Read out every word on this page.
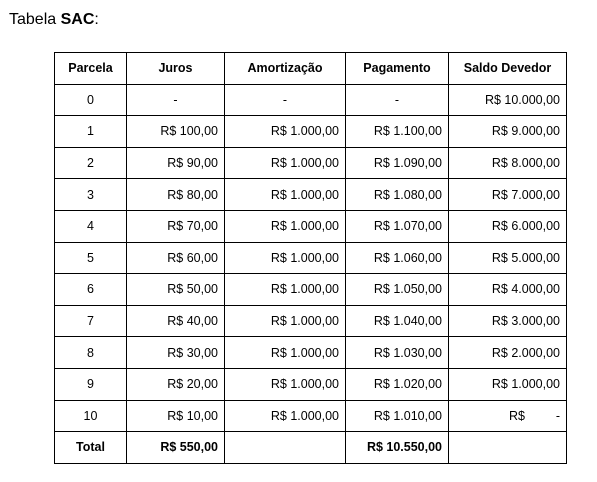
Tabela SAC:
Parcela	Juros	Amortização	Pagamento	Saldo Devedor
0	-	-	-	R$ 10.000,00
1	R$ 100,00	R$ 1.000,00	R$ 1.100,00	R$ 9.000,00
2	R$ 90,00	R$ 1.000,00	R$ 1.090,00	R$ 8.000,00
3	R$ 80,00	R$ 1.000,00	R$ 1.080,00	R$ 7.000,00
4	R$ 70,00	R$ 1.000,00	R$ 1.070,00	R$ 6.000,00
5	R$ 60,00	R$ 1.000,00	R$ 1.060,00	R$ 5.000,00
6	R$ 50,00	R$ 1.000,00	R$ 1.050,00	R$ 4.000,00
7	R$ 40,00	R$ 1.000,00	R$ 1.040,00	R$ 3.000,00
8	R$ 30,00	R$ 1.000,00	R$ 1.030,00	R$ 2.000,00
9	R$ 20,00	R$ 1.000,00	R$ 1.020,00	R$ 1.000,00
10	R$ 10,00	R$ 1.000,00	R$ 1.010,00	R$ -

Total	R$ 550,00		R$ 10.550,00	
